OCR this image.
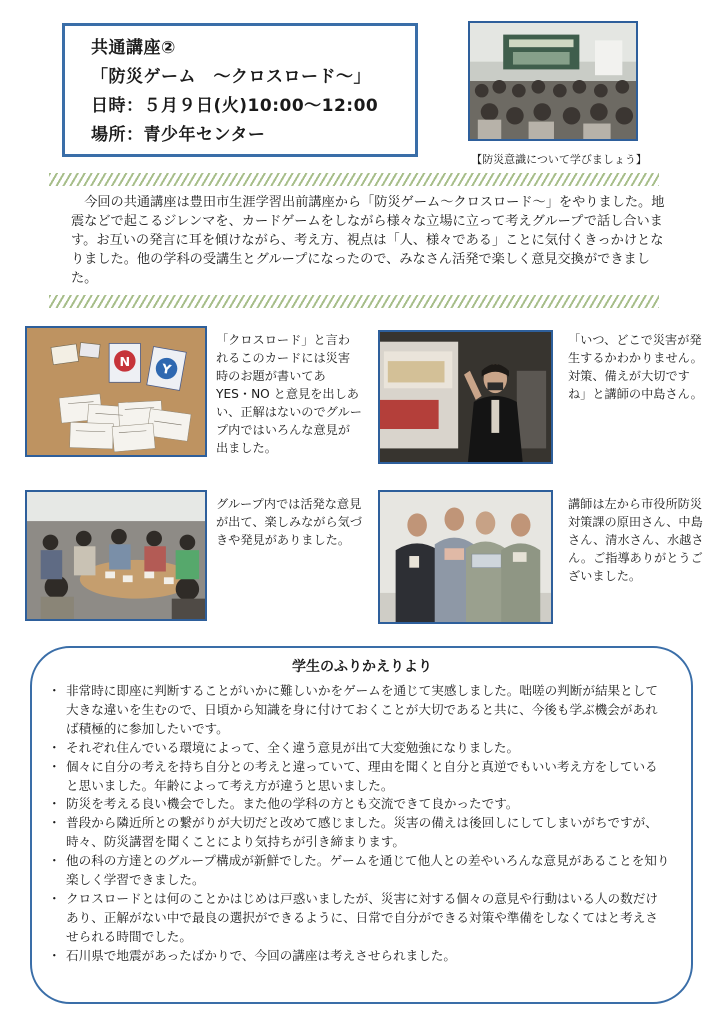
共通講座②
「防災ゲーム　～クロスロード～」
日時：５月９日(火)10:00～12:00
場所：青少年センター
【防災意識について学びましょう】

今回の共通講座は豊田市生涯学習出前講座から「防災ゲーム～クロスロード～」をやりました。地震などで起こるジレンマを、カードゲームをしながら様々な立場に立って考えグループで話し合います。お互いの発言に耳を傾けながら、考え方、視点は「人、様々である」ことに気付くきっかけとなりました。他の学科の受講生とグループになったので、みなさん活発で楽しく意見交換ができました。

N Y
「クロスロード」と言われるこのカードには災害時のお題が書いてあ YES・NO と意見を出しあい、正解はないのでグループ内ではいろんな意見が出ました。
「いつ、どこで災害が発生するかわかりません。対策、備えが大切ですね」と講師の中島さん。
グループ内では活発な意見が出て、楽しみながら気づきや発見がありました。
講師は左から市役所防災対策課の原田さん、中島さん、清水さん、水越さん。ご指導ありがとうございました。
学生のふりかえりより
・ 非常時に即座に判断することがいかに難しいかをゲームを通じて実感しました。咄嗟の判断が結果として大きな違いを生むので、日頃から知識を身に付けておくことが大切であると共に、今後も学ぶ機会があれば積極的に参加したいです。
・ それぞれ住んでいる環境によって、全く違う意見が出て大変勉強になりました。
・ 個々に自分の考えを持ち自分との考えと違っていて、理由を聞くと自分と真逆でもいい考え方をしていると思いました。年齢によって考え方が違うと思いました。
・ 防災を考える良い機会でした。また他の学科の方とも交流できて良かったです。
・ 普段から隣近所との繋がりが大切だと改めて感じました。災害の備えは後回しにしてしまいがちですが、時々、防災講習を聞くことにより気持ちが引き締まります。
・ 他の科の方達とのグループ構成が新鮮でした。ゲームを通じて他人との差やいろんな意見があることを知り楽しく学習できました。
・ クロスロードとは何のことかはじめは戸惑いましたが、災害に対する個々の意見や行動はいる人の数だけあり、正解がない中で最良の選択ができるように、日常で自分ができる対策や準備をしなくてはと考えさせられる時間でした。
・ 石川県で地震があったばかりで、今回の講座は考えさせられました。
